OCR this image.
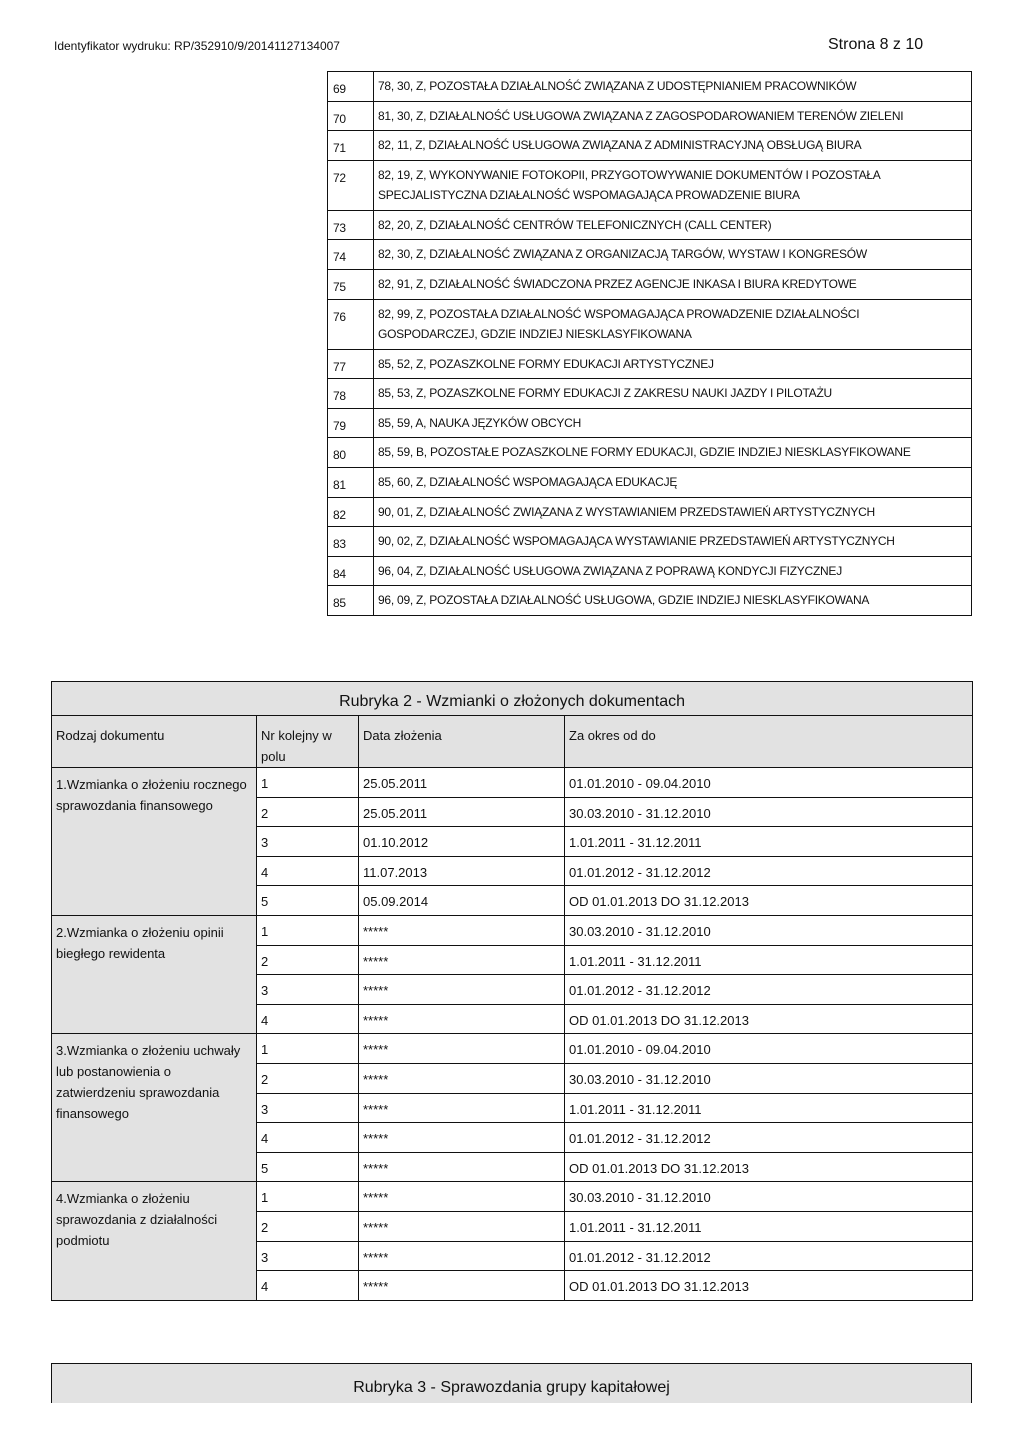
Identyfikator wydruku: RP/352910/9/20141127134007	Strona 8 z 10
69	78, 30, Z, POZOSTAŁA DZIAŁALNOŚĆ ZWIĄZANA Z UDOSTĘPNIANIEM PRACOWNIKÓW

70	81, 30, Z, DZIAŁALNOŚĆ USŁUGOWA ZWIĄZANA Z ZAGOSPODAROWANIEM TERENÓW ZIELENI

71	82, 11, Z, DZIAŁALNOŚĆ USŁUGOWA ZWIĄZANA Z ADMINISTRACYJNĄ OBSŁUGĄ BIURA

72	82, 19, Z, WYKONYWANIE FOTOKOPII, PRZYGOTOWYWANIE DOKUMENTÓW I POZOSTAŁA
SPECJALISTYCZNA DZIAŁALNOŚĆ WSPOMAGAJĄCA PROWADZENIE BIURA

73	82, 20, Z, DZIAŁALNOŚĆ CENTRÓW TELEFONICZNYCH (CALL CENTER)

74	82, 30, Z, DZIAŁALNOŚĆ ZWIĄZANA Z ORGANIZACJĄ TARGÓW, WYSTAW I KONGRESÓW

75	82, 91, Z, DZIAŁALNOŚĆ ŚWIADCZONA PRZEZ AGENCJE INKASA I BIURA KREDYTOWE

76	82, 99, Z, POZOSTAŁA DZIAŁALNOŚĆ WSPOMAGAJĄCA PROWADZENIE DZIAŁALNOŚCI
GOSPODARCZEJ, GDZIE INDZIEJ NIESKLASYFIKOWANA

77	85, 52, Z, POZASZKOLNE FORMY EDUKACJI ARTYSTYCZNEJ

78	85, 53, Z, POZASZKOLNE FORMY EDUKACJI Z ZAKRESU NAUKI JAZDY I PILOTAŻU

79	85, 59, A, NAUKA JĘZYKÓW OBCYCH

80	85, 59, B, POZOSTAŁE POZASZKOLNE FORMY EDUKACJI, GDZIE INDZIEJ NIESKLASYFIKOWANE

81	85, 60, Z, DZIAŁALNOŚĆ WSPOMAGAJĄCA EDUKACJĘ

82	90, 01, Z, DZIAŁALNOŚĆ ZWIĄZANA Z WYSTAWIANIEM PRZEDSTAWIEŃ ARTYSTYCZNYCH

83	90, 02, Z, DZIAŁALNOŚĆ WSPOMAGAJĄCA WYSTAWIANIE PRZEDSTAWIEŃ ARTYSTYCZNYCH

84	96, 04, Z, DZIAŁALNOŚĆ USŁUGOWA ZWIĄZANA Z POPRAWĄ KONDYCJI FIZYCZNEJ

85	96, 09, Z, POZOSTAŁA DZIAŁALNOŚĆ USŁUGOWA, GDZIE INDZIEJ NIESKLASYFIKOWANA
Rubryka 2 - Wzmianki o złożonych dokumentach			
Rodzaj dokumentu	Nr kolejny w polu	Data złożenia	Za okres od do
1.Wzmianka o złożeniu rocznego sprawozdania finansowego	1	25.05.2011	01.01.2010 - 09.04.2010
	2	25.05.2011	30.03.2010 - 31.12.2010
	3	01.10.2012	1.01.2011 - 31.12.2011
	4	11.07.2013	01.01.2012 - 31.12.2012
	5	05.09.2014	OD 01.01.2013 DO 31.12.2013
2.Wzmianka o złożeniu opinii biegłego rewidenta	1	*****	30.03.2010 - 31.12.2010
	2	*****	1.01.2011 - 31.12.2011
	3	*****	01.01.2012 - 31.12.2012
	4	*****	OD 01.01.2013 DO 31.12.2013
3.Wzmianka o złożeniu uchwały lub postanowienia o zatwierdzeniu sprawozdania finansowego	1	*****	01.01.2010 - 09.04.2010
	2	*****	30.03.2010 - 31.12.2010
	3	*****	1.01.2011 - 31.12.2011
	4	*****	01.01.2012 - 31.12.2012
	5	*****	OD 01.01.2013 DO 31.12.2013
4.Wzmianka o złożeniu sprawozdania z działalności podmiotu	1	*****	30.03.2010 - 31.12.2010
	2	*****	1.01.2011 - 31.12.2011
	3	*****	01.01.2012 - 31.12.2012
	4	*****	OD 01.01.2013 DO 31.12.2013
Rubryka 3 - Sprawozdania grupy kapitałowej
